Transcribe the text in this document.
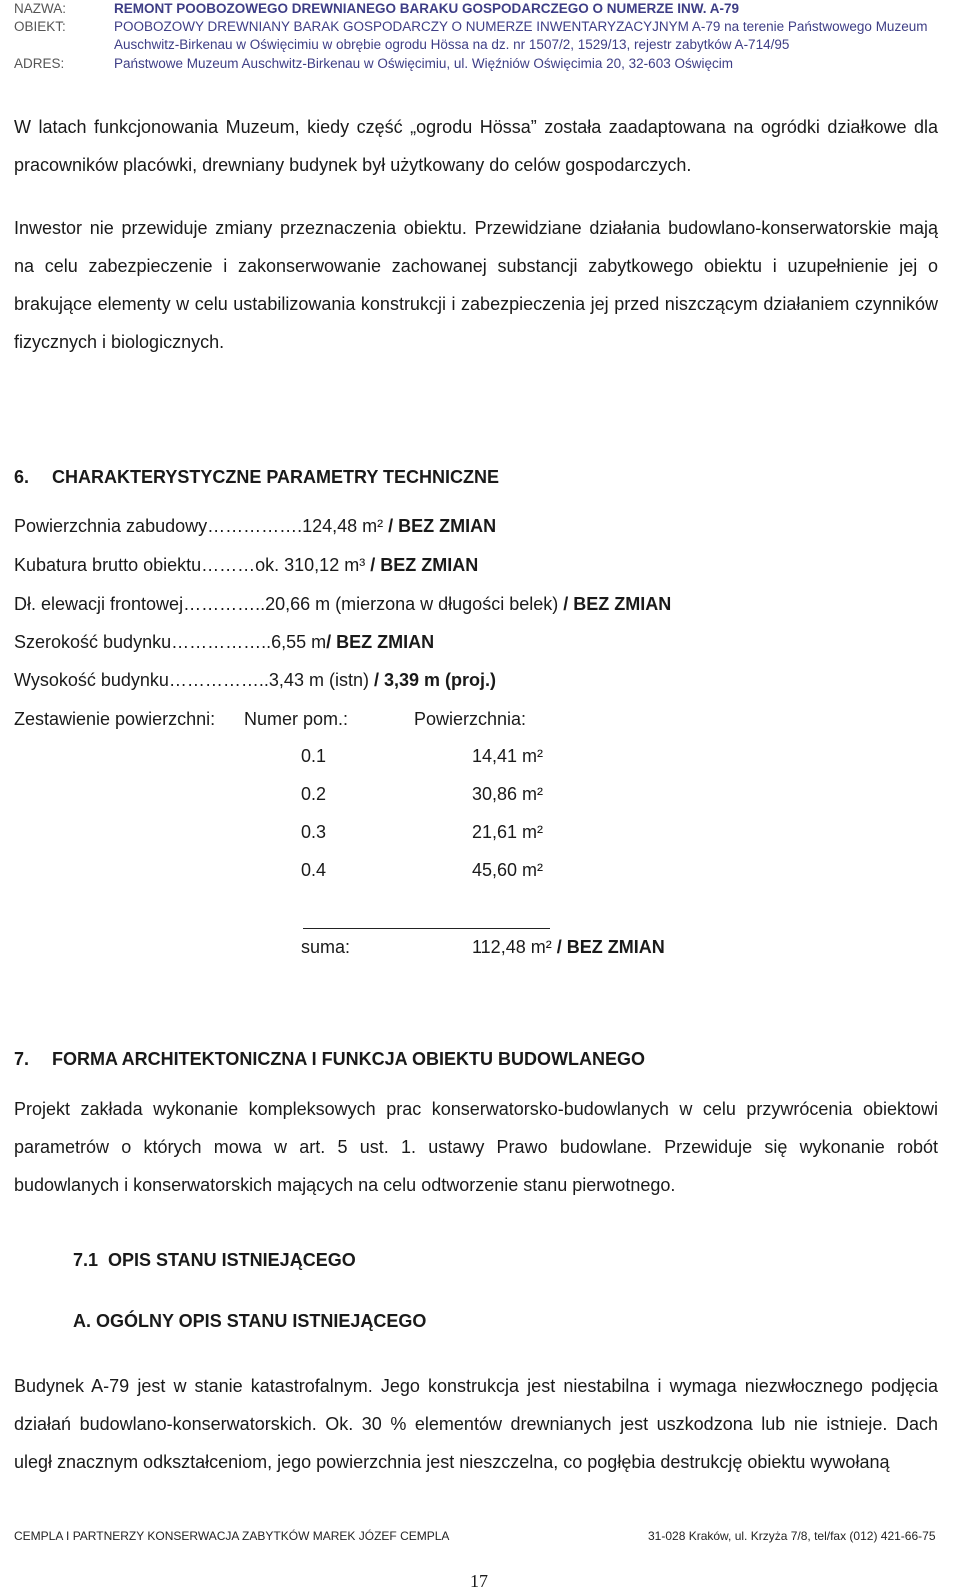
NAZWA:	REMONT POOBOZOWEGO DREWNIANEGO BARAKU GOSPODARCZEGO O NUMERZE INW. A-79
OBIEKT:	POOBOZOWY DREWNIANY BARAK GOSPODARCZY O NUMERZE INWENTARYZACYJNYM A-79 na terenie Państwowego Muzeum
Auschwitz-Birkenau w Oświęcimiu w obrębie ogrodu Hössa na dz. nr 1507/2, 1529/13, rejestr zabytków A-714/95
ADRES:	Państwowe Muzeum Auschwitz-Birkenau w Oświęcimiu, ul. Więźniów Oświęcimia 20, 32-603 Oświęcim

W latach funkcjonowania Muzeum, kiedy część „ogrodu Hössa” została zaadaptowana na ogródki działkowe dla pracowników placówki, drewniany budynek był użytkowany do celów gospodarczych.

Inwestor nie przewiduje zmiany przeznaczenia obiektu. Przewidziane działania budowlano-konserwatorskie mają na celu zabezpieczenie i zakonserwowanie zachowanej substancji zabytkowego obiektu i uzupełnienie jej o brakujące elementy w celu ustabilizowania konstrukcji i zabezpieczenia jej przed niszczącym działaniem czynników fizycznych i biologicznych.

6. CHARAKTERYSTYCZNE PARAMETRY TECHNICZNE
Powierzchnia zabudowy…………….124,48 m² / BEZ ZMIAN
Kubatura brutto obiektu………ok. 310,12 m³ / BEZ ZMIAN
Dł. elewacji frontowej…………..20,66 m (mierzona w długości belek) / BEZ ZMIAN
Szerokość budynku……………..6,55 m/ BEZ ZMIAN
Wysokość budynku……………..3,43 m (istn) / 3,39 m (proj.)
Zestawienie powierzchni: Numer pom.:	Powierzchnia:
0.1	14,41 m²
0.2	30,86 m²
0.3	21,61 m²
0.4	45,60 m²
suma:	112,48 m² / BEZ ZMIAN
7. FORMA ARCHITEKTONICZNA I FUNKCJA OBIEKTU BUDOWLANEGO

Projekt zakłada wykonanie kompleksowych prac konserwatorsko-budowlanych w celu przywrócenia obiektowi parametrów o których mowa w art. 5 ust. 1. ustawy Prawo budowlane. Przewiduje się wykonanie robót budowlanych i konserwatorskich mających na celu odtworzenie stanu pierwotnego.

7.1 OPIS STANU ISTNIEJĄCEGO
A. OGÓLNY OPIS STANU ISTNIEJĄCEGO

Budynek A-79 jest w stanie katastrofalnym. Jego konstrukcja jest niestabilna i wymaga niezwłocznego podjęcia działań budowlano-konserwatorskich. Ok. 30 % elementów drewnianych jest uszkodzona lub nie istnieje. Dach uległ znacznym odkształceniom, jego powierzchnia jest nieszczelna, co pogłębia destrukcję obiektu wywołaną

CEMPLA I PARTNERZY KONSERWACJA ZABYTKÓW MAREK JÓZEF CEMPLA	31-028 Kraków, ul. Krzyża 7/8, tel/fax (012) 421-66-75
17
